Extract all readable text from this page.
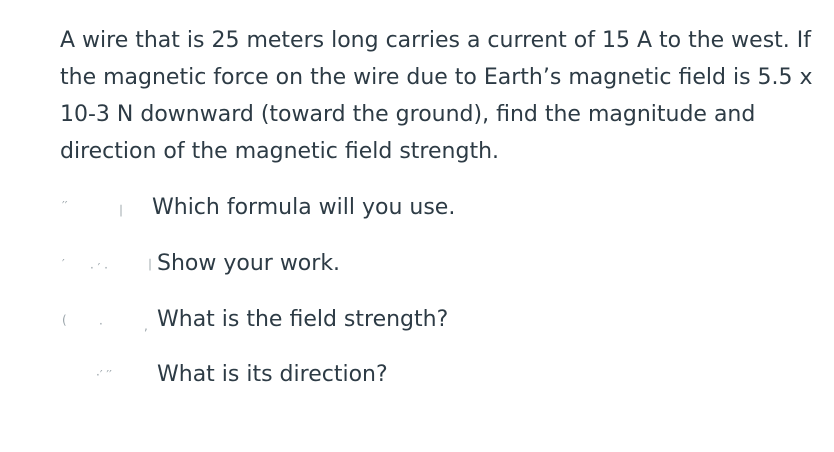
A wire that is 25 meters long carries a current of 15 A to the west. If the magnetic force on the wire due to Earth’s magnetic field is 5.5 x 10-3 N downward (toward the ground), find the magnitude and direction of the magnetic field strength.

′′	∣ Which formula will you use.
′ · ′ ·	∣ Show your work.
(	·	, What is the field strength?
·′ ′′ What is its direction?
